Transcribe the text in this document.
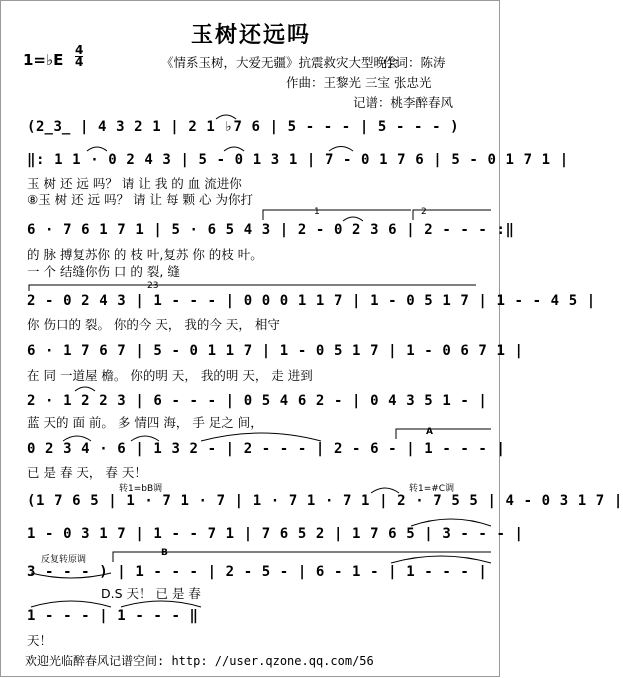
玉树还远吗
1=♭E
4
4	《情系玉树，大爱无疆》抗震救灾大型晚会
作词：陈涛
作曲：王黎光 三宝 张忠光
记谱：桃李醉春风
(2̲3̲ | 4 3 2 1 | 2 1 ♭7 6 | 5 - - - | 5 - - - )
‖: 1 1 · 0 2 4 3 | 5 - 0 1 3 1 | 7 - 0 1 7 6 | 5 - 0 1 7 1 |
玉 树 还 远 吗？ 请 让 我 的 血 流进你
⑧玉 树 还 远 吗？ 请 让 每 颗 心 为你打
1	2
6 · 7 6 1 7 1 | 5 · 6 5 4 3 | 2 - 0 2 3 6 | 2 - - - :‖
的 脉 搏复苏你 的 枝 叶,复苏 你 的枝 叶。
一 个 结缝你伤 口 的 裂, 缝
23
2 - 0 2 4 3 | 1 - - - | 0 0 0 1 1 7 | 1 - 0 5 1 7 | 1 - - 4 5 |
你 伤口的 裂。 你的今 天， 我的今 天， 相守
6 · 1 7 6 7 | 5 - 0 1 1 7 | 1 - 0 5 1 7 | 1 - 0 6 7 1 |
在 同 一道屋 檐。 你的明 天， 我的明 天， 走 进到
2 · 1 2 2 3 | 6 - - - | 0 5 4 6 2 - | 0 4 3 5 1 - |
蓝 天的 面 前。 多 情四 海， 手 足之 间，
A
0 2 3 4 · 6 | 1 3 2 - | 2 - - - | 2 - 6 - | 1 - - - |
已 是 春 天， 春 天！
转1=bB调	转1=#C调
(1 7 6 5 | 1 · 7 1 · 7 | 1 · 7 1 · 7 1 | 2 · 7 5 5 | 4 - 0 3 1 7 |
1 - 0 3 1 7 | 1 - - 7 1 | 7 6 5 2 | 1 7 6 5 | 3 - - - |
反复转原调
B
3 - - - ) | 1 - - - | 2 - 5 - | 6 - 1 - | 1 - - - |
D.S 天！ 已 是 春
1 - - - | 1 - - - ‖
天！
欢迎光临醉春风记谱空间: http: //user.qzone.qq.com/56
